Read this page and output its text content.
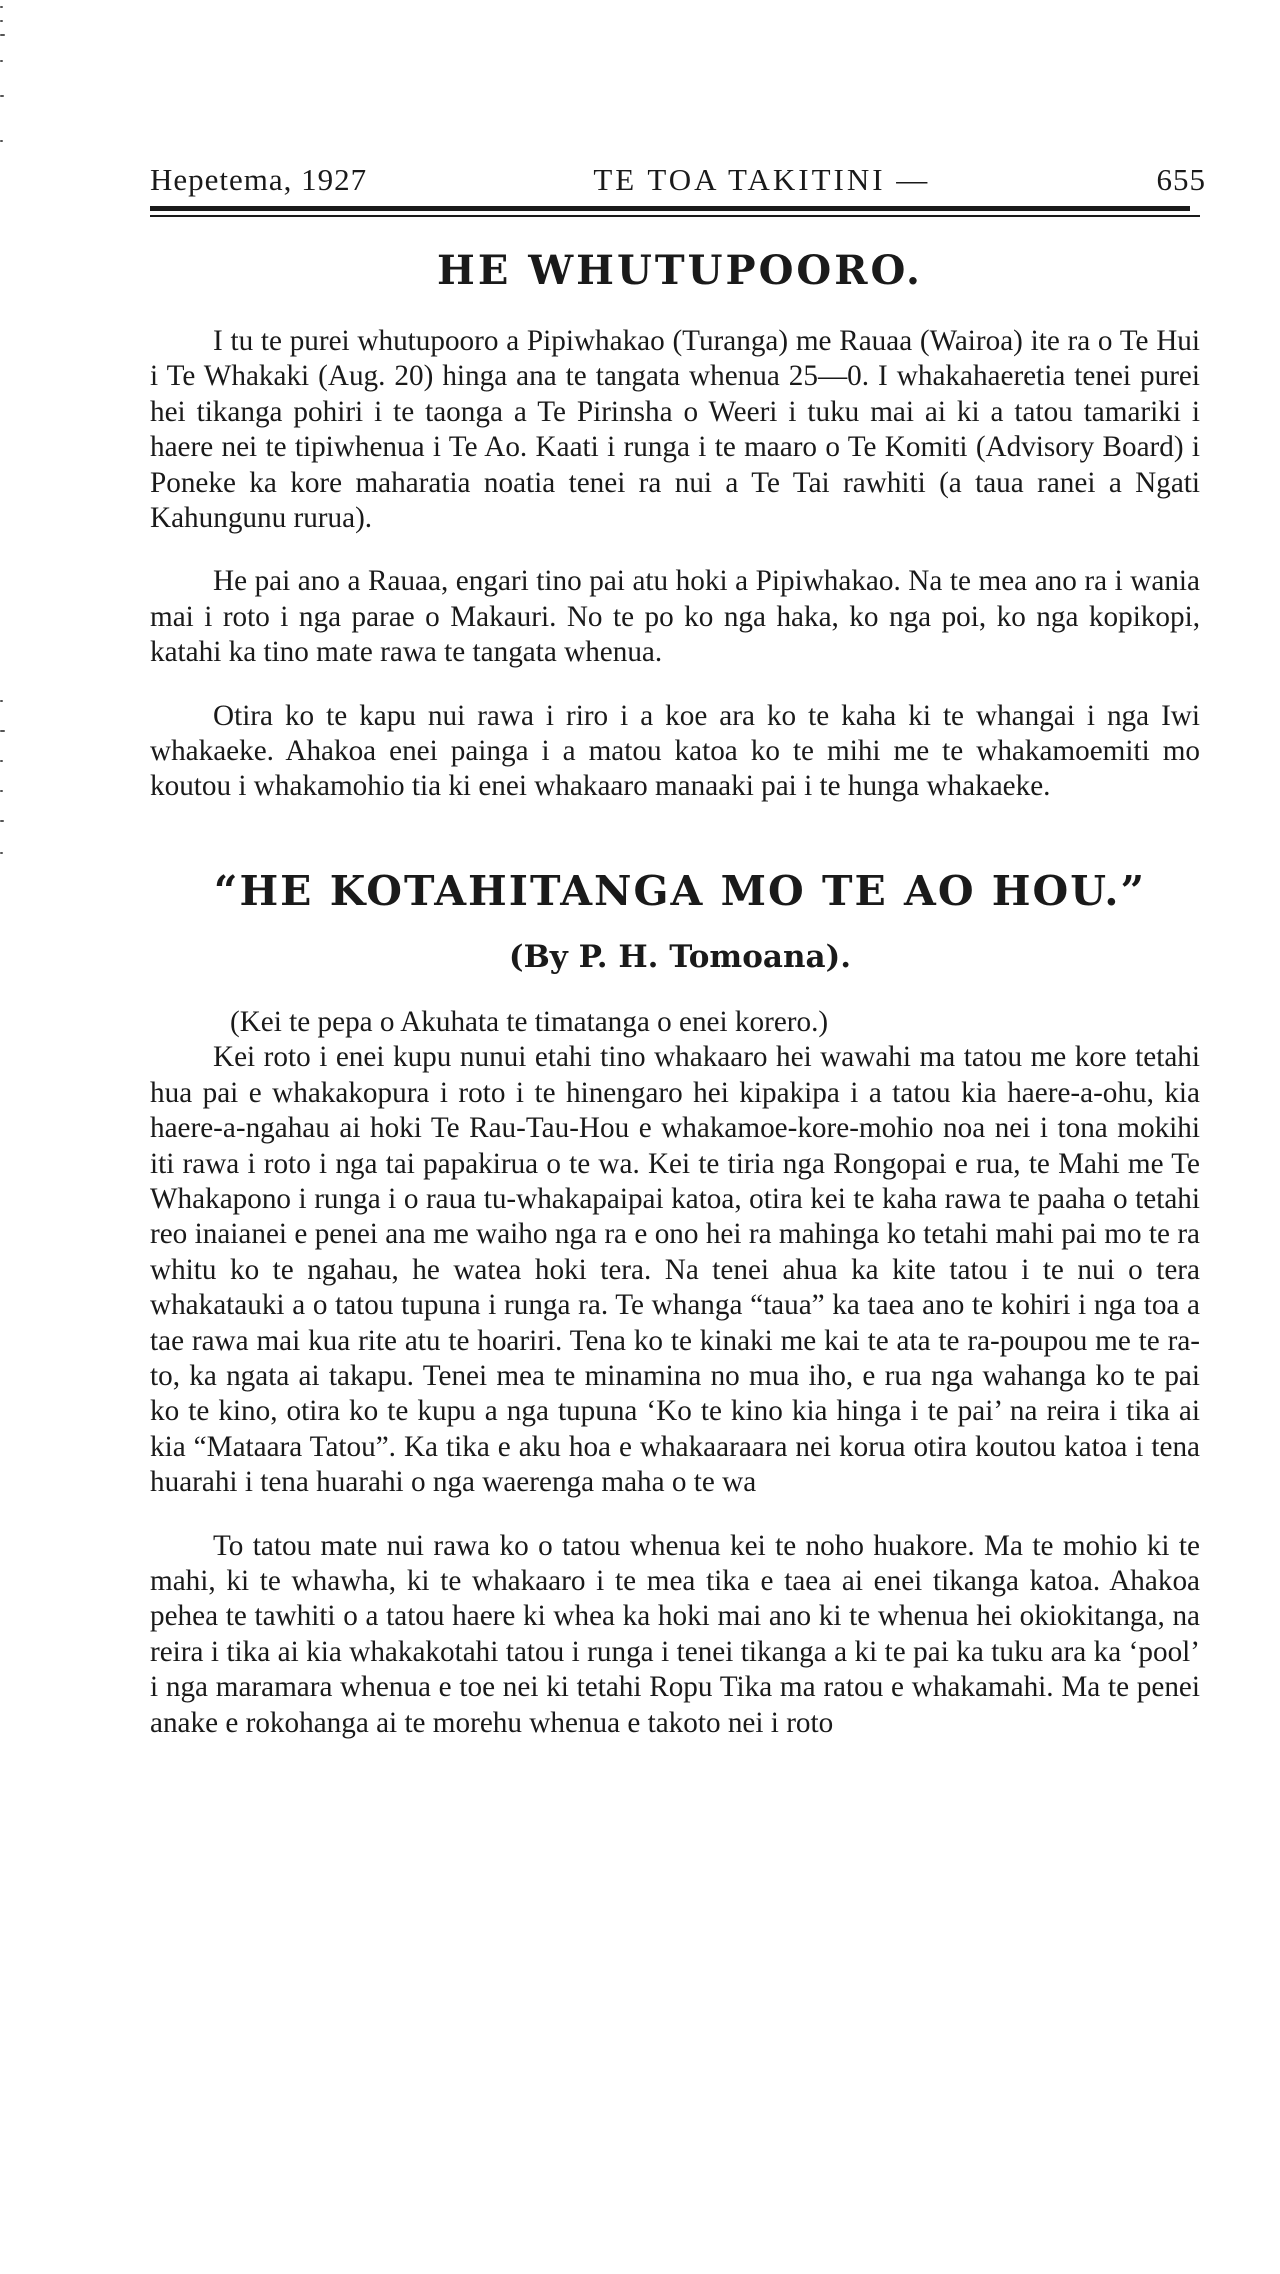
Hepetema, 1927	TE TOA TAKITINI —	655
HE WHUTUPOORO.

I tu te purei whutupooro a Pipiwhakao (Turanga) me Rauaa (Wairoa) ite ra o Te Hui i Te Whakaki (Aug. 20) hinga ana te tangata whenua 25—0. I whakahaeretia tenei purei hei tikanga pohiri i te taonga a Te Pirinsha o Weeri i tuku mai ai ki a tatou tamariki i haere nei te tipiwhenua i Te Ao. Kaati i runga i te maaro o Te Komiti (Advisory Board) i Poneke ka kore maharatia noatia tenei ra nui a Te Tai rawhiti (a taua ranei a Ngati Kahungunu rurua).

He pai ano a Rauaa, engari tino pai atu hoki a Pipiwhakao. Na te mea ano ra i wania mai i roto i nga parae o Makauri. No te po ko nga haka, ko nga poi, ko nga kopikopi, katahi ka tino mate rawa te tangata whenua.

Otira ko te kapu nui rawa i riro i a koe ara ko te kaha ki te whangai i nga Iwi whakaeke. Ahakoa enei painga i a matou katoa ko te mihi me te whakamoemiti mo koutou i whakamohio tia ki enei whakaaro manaaki pai i te hunga whakaeke.

“HE KOTAHITANGA MO TE AO HOU.”
(By P. H. Tomoana).

(Kei te pepa o Akuhata te timatanga o enei korero.)

Kei roto i enei kupu nunui etahi tino whakaaro hei wawahi ma tatou me kore tetahi hua pai e whakakopura i roto i te hinengaro hei kipakipa i a tatou kia haere-a-ohu, kia haere-a-ngahau ai hoki Te Rau-Tau-Hou e whakamoe-kore-mohio noa nei i tona mokihi iti rawa i roto i nga tai papakirua o te wa. Kei te tiria nga Rongopai e rua, te Mahi me Te Whakapono i runga i o raua tu-whakapaipai katoa, otira kei te kaha rawa te paaha o tetahi reo inaianei e penei ana me waiho nga ra e ono hei ra mahinga ko tetahi mahi pai mo te ra whitu ko te ngahau, he watea hoki tera. Na tenei ahua ka kite tatou i te nui o tera whakatauki a o tatou tupuna i runga ra. Te whanga “taua” ka taea ano te kohiri i nga toa a tae rawa mai kua rite atu te hoariri. Tena ko te kinaki me kai te ata te ra-poupou me te ra-to, ka ngata ai takapu. Tenei mea te minamina no mua iho, e rua nga wahanga ko te pai ko te kino, otira ko te kupu a nga tupuna ‘Ko te kino kia hinga i te pai’ na reira i tika ai kia “Mataara Tatou”. Ka tika e aku hoa e whakaaraara nei korua otira koutou katoa i tena huarahi i tena huarahi o nga waerenga maha o te wa

To tatou mate nui rawa ko o tatou whenua kei te noho huakore. Ma te mohio ki te mahi, ki te whawha, ki te whakaaro i te mea tika e taea ai enei tikanga katoa. Ahakoa pehea te tawhiti o a tatou haere ki whea ka hoki mai ano ki te whenua hei okiokitanga, na reira i tika ai kia whakakotahi tatou i runga i tenei tikanga a ki te pai ka tuku ara ka ‘pool’ i nga maramara whenua e toe nei ki tetahi Ropu Tika ma ratou e whakamahi. Ma te penei anake e rokohanga ai te morehu whenua e takoto nei i roto
